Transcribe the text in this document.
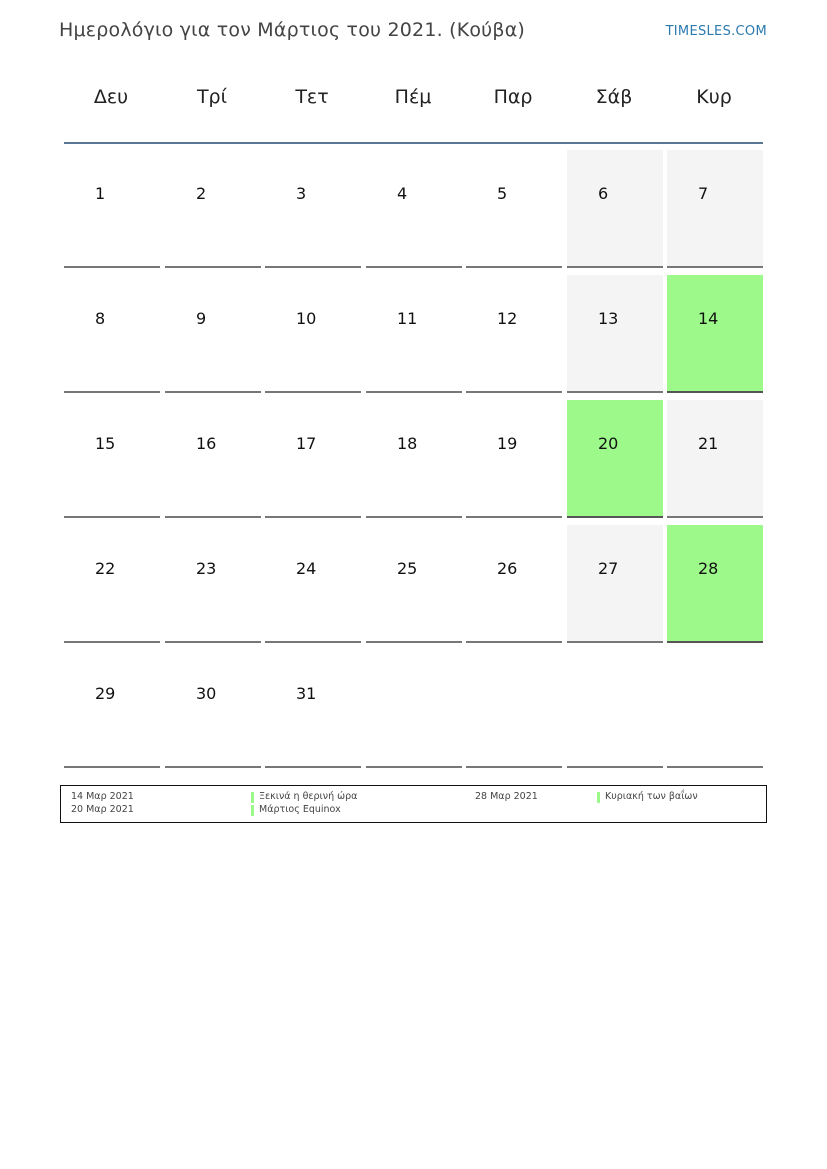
Ημερολόγιο για τον Μάρτιος του 2021. (Κούβα)	TIMESLES.COM
Δευ	Τρί	Τετ	Πέμ	Παρ	Σάβ	Κυρ
1	2	3	4	5	6	7
8	9	10	11	12	13	14
15	16	17	18	19	20	21
22	23	24	25	26	27	28
29	30	31
14 Μαρ 2021	Ξεκινά η θερινή ώρα
20 Μαρ 2021	Μάρτιος Equinox
28 Μαρ 2021	Κυριακή των βαΐων
